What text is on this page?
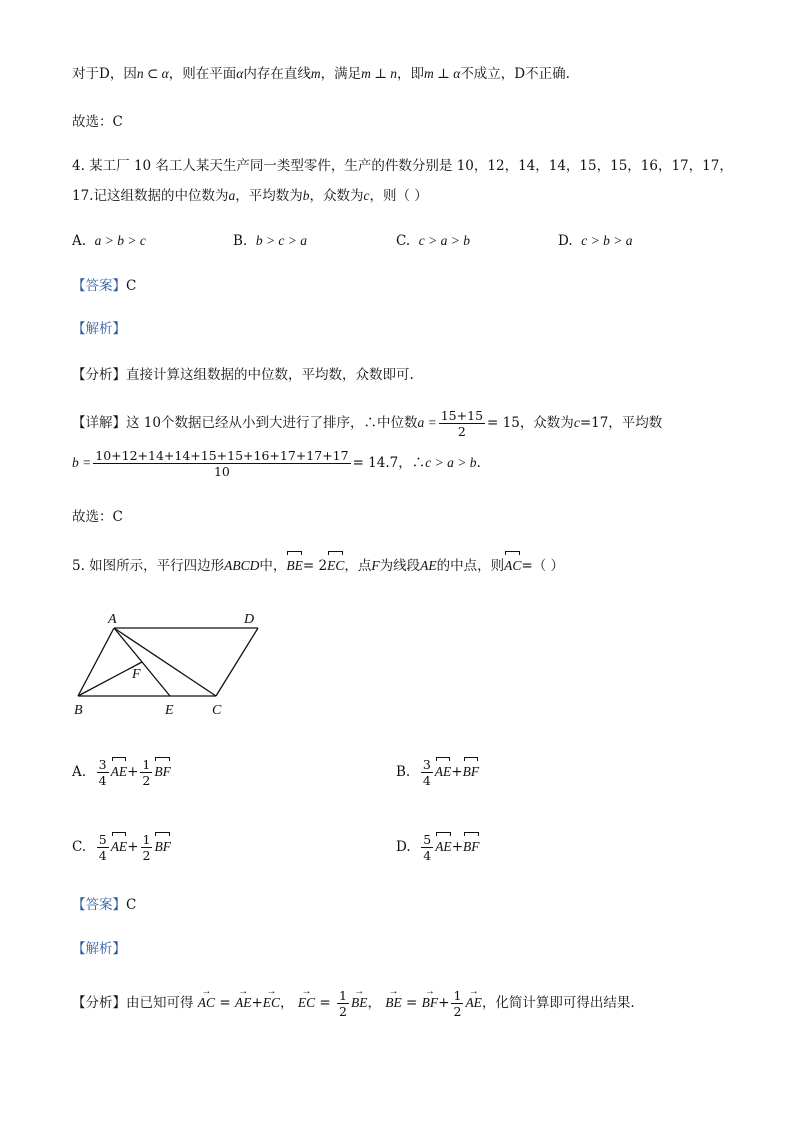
对于D，因n ⊂ α，则在平面α内存在直线m，满足m ⊥ n，即m ⊥ α不成立，D不正确.
故选：C
4. 某工厂 10 名工人某天生产同一类型零件，生产的件数分别是 10，12，14，14，15，15，16，17，17，
17.记这组数据的中位数为a，平均数为b，众数为c，则（ ）
A. a > b > c	B. b > c > a	C. c > a > b	D. c > b > a
【答案】C
【解析】
【分析】直接计算这组数据的中位数，平均数，众数即可.
【详解】这 10个数据已经从小到大进行了排序，∴中位数$a = \frac{15+15}{2} = 15$，众数为c=17，平均数
$b = \frac{10+12+14+14+15+15+16+17+17+17}{10} = 14.7$，∴c > a > b.
故选：C
5. 如图所示，平行四边形ABCD中，BE= 2EC，点F为线段AE的中点，则AC=（ ）
A	D
B	E	C
F
A. $\frac{3}{4} AE+ \frac{1}{2}$ BF	B. $\frac{3}{4} AE+BF$
C. $\frac{5}{4} AE+ \frac{1}{2}$ BF	D. $\frac{5}{4} AE+BF$
【答案】C
【解析】
【分析】由已知可得 → AC = → AE+→ EC， → EC = $\frac{1}{2}$ → BE， → BE = → $BF+ \frac{1}{2}$ → AE，化简计算即可得出结果.
